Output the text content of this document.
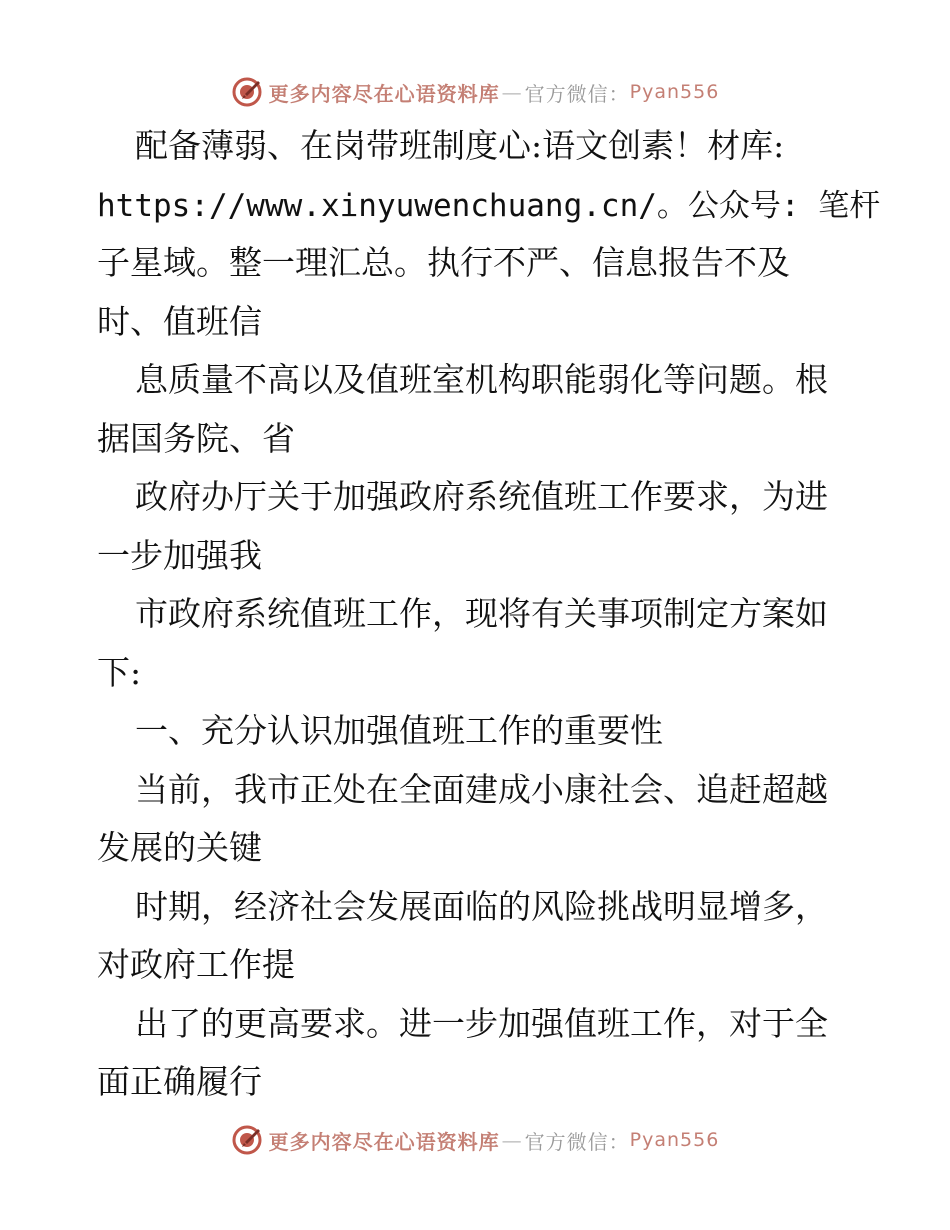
更多内容尽在心语资料库 — 官方微信： Pyan556
配备薄弱、在岗带班制度心:语文创素！材库:
https://www.xinyuwenchuang.cn/。公众号: 笔杆
子星域。整一理汇总。执行不严、信息报告不及
时、值班信
息质量不高以及值班室机构职能弱化等问题。根
据国务院、省
政府办厅关于加强政府系统值班工作要求，为进
一步加强我
市政府系统值班工作，现将有关事项制定方案如
下:
一、充分认识加强值班工作的重要性
当前，我市正处在全面建成小康社会、追赶超越
发展的关键
时期，经济社会发展面临的风险挑战明显增多，
对政府工作提
出了的更高要求。进一步加强值班工作，对于全
面正确履行
更多内容尽在心语资料库 — 官方微信： Pyan556
